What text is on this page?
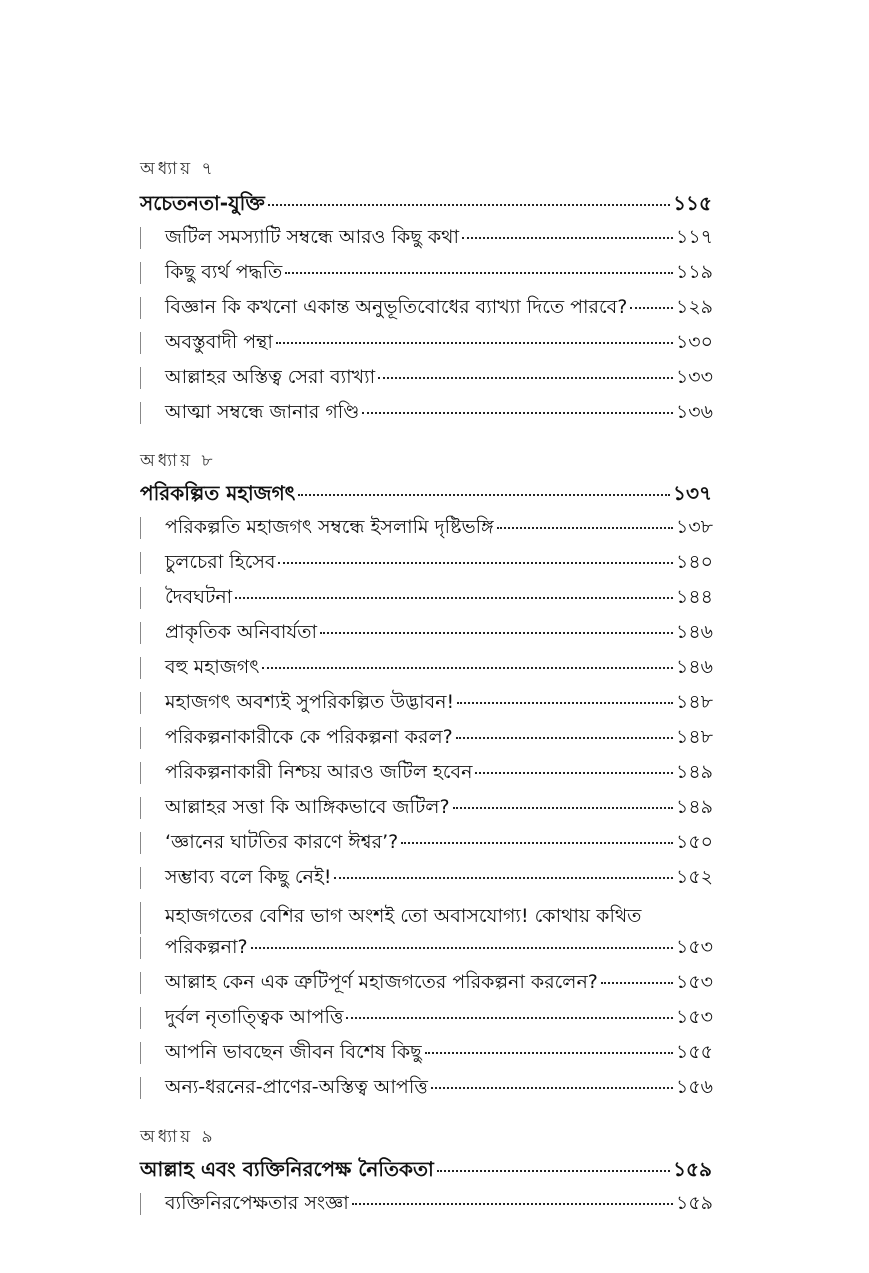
অধ্যায় ৭
সচেতনতা-যুক্তি	১১৫
জটিল সমস্যাটি সম্বন্ধে আরও কিছু কথা	১১৭
কিছু ব্যর্থ পদ্ধতি	১১৯
বিজ্ঞান কি কখনো একান্ত অনুভূতিবোধের ব্যাখ্যা দিতে পারবে?	১২৯
অবস্তুবাদী পন্থা	১৩০
আল্লাহর অস্তিত্ব সেরা ব্যাখ্যা	১৩৩
আত্মা সম্বন্ধে জানার গণ্ডি	১৩৬
অধ্যায় ৮
পরিকল্পিত মহাজগৎ	১৩৭
পরিকল্পতি মহাজগৎ সম্বন্ধে ইসলামি দৃষ্টিভঙ্গি	১৩৮
চুলচেরা হিসেব	১৪০
দৈবঘটনা	১৪৪
প্রাকৃতিক অনিবার্যতা	১৪৬
বহু মহাজগৎ	১৪৬
মহাজগৎ অবশ্যই সুপরিকল্পিত উদ্ভাবন!	১৪৮
পরিকল্পনাকারীকে কে পরিকল্পনা করল?	১৪৮
পরিকল্পনাকারী নিশ্চয় আরও জটিল হবেন	১৪৯
আল্লাহর সত্তা কি আঙ্গিকভাবে জটিল?	১৪৯
‘জ্ঞানের ঘাটতির কারণে ঈশ্বর’?	১৫০
সম্ভাব্য বলে কিছু নেই!	১৫২
মহাজগতের বেশির ভাগ অংশই তো অবাসযোগ্য! কোথায় কথিত
পরিকল্পনা?	১৫৩
আল্লাহ কেন এক ত্রুটিপূর্ণ মহাজগতের পরিকল্পনা করলেন?	১৫৩
দুর্বল নৃতাত্ত্বিক আপত্তি	১৫৩
আপনি ভাবছেন জীবন বিশেষ কিছু	১৫৫
অন্য-ধরনের-প্রাণের-অস্তিত্ব আপত্তি	১৫৬
অধ্যায় ৯
আল্লাহ এবং ব্যক্তিনিরপেক্ষ নৈতিকতা	১৫৯
ব্যক্তিনিরপেক্ষতার সংজ্ঞা	১৫৯
